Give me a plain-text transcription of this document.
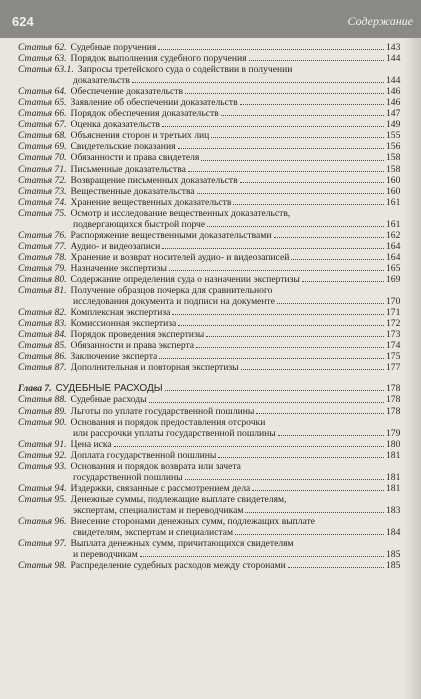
624	Содержание
Статья 62. Судебные поручения	143
Статья 63. Порядок выполнения судебного поручения	144
Статья 63.1. Запросы третейского суда о содействии в получении
доказательств	144
Статья 64. Обеспечение доказательств	146
Статья 65. Заявление об обеспечении доказательств	146
Статья 66. Порядок обеспечения доказательств	147
Статья 67. Оценка доказательств	149
Статья 68. Объяснения сторон и третьих лиц	155
Статья 69. Свидетельские показания	156
Статья 70. Обязанности и права свидетеля	158
Статья 71. Письменные доказательства	158
Статья 72. Возвращение письменных доказательств	160
Статья 73. Вещественные доказательства	160
Статья 74. Хранение вещественных доказательств	161
Статья 75. Осмотр и исследование вещественных доказательств,
подвергающихся быстрой порче	161
Статья 76. Распоряжение вещественными доказательствами	162
Статья 77. Аудио- и видеозаписи	164
Статья 78. Хранение и возврат носителей аудио- и видеозаписей	164
Статья 79. Назначение экспертизы	165
Статья 80. Содержание определения суда о назначении экспертизы	169
Статья 81. Получение образцов почерка для сравнительного
исследования документа и подписи на документе	170
Статья 82. Комплексная экспертиза	171
Статья 83. Комиссионная экспертиза	172
Статья 84. Порядок проведения экспертизы	173
Статья 85. Обязанности и права эксперта	174
Статья 86. Заключение эксперта	175
Статья 87. Дополнительная и повторная экспертизы	177
Глава 7. СУДЕБНЫЕ РАСХОДЫ	178
Статья 88. Судебные расходы	178
Статья 89. Льготы по уплате государственной пошлины	178
Статья 90. Основания и порядок предоставления отсрочки
или рассрочки уплаты государственной пошлины	179
Статья 91. Цена иска	180
Статья 92. Доплата государственной пошлины	181
Статья 93. Основания и порядок возврата или зачета
государственной пошлины	181
Статья 94. Издержки, связанные с рассмотрением дела	181
Статья 95. Денежные суммы, подлежащие выплате свидетелям,
экспертам, специалистам и переводчикам	183
Статья 96. Внесение сторонами денежных сумм, подлежащих выплате
свидетелям, экспертам и специалистам	184
Статья 97. Выплата денежных сумм, причитающихся свидетелям
и переводчикам	185
Статья 98. Распределение судебных расходов между сторонами	185
